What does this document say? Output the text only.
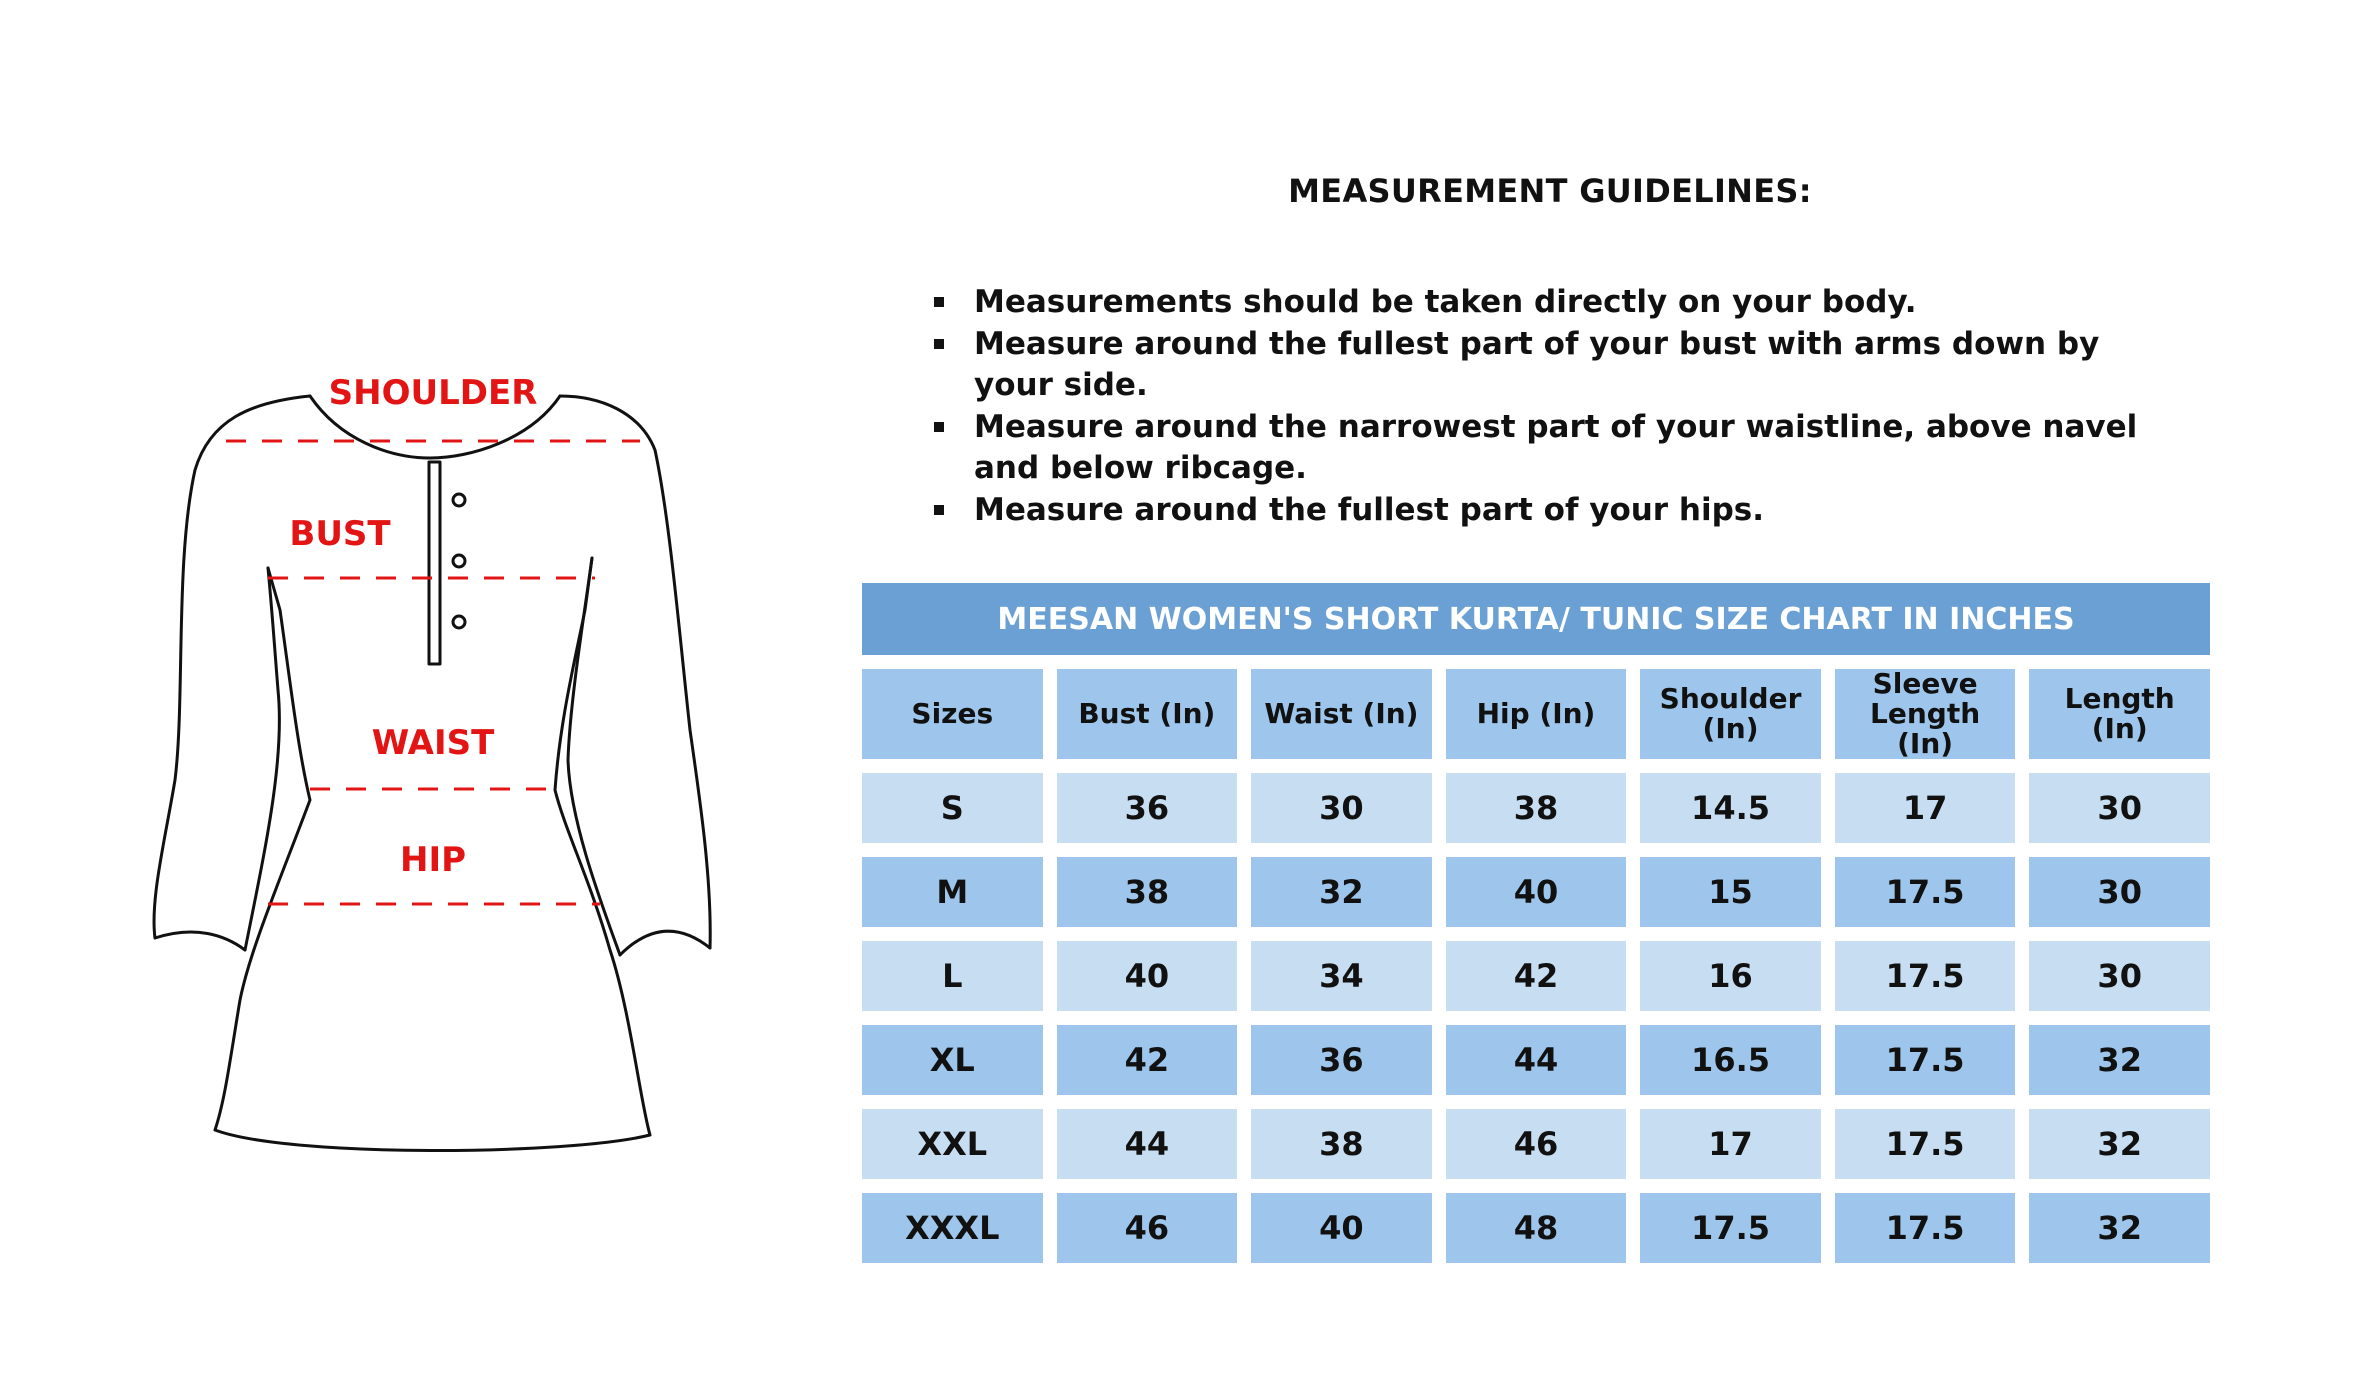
SHOULDER
BUST
WAIST
HIP
MEASUREMENT GUIDELINES:
Measurements should be taken directly on your body.
Measure around the fullest part of your bust with arms down by your side.
Measure around the narrowest part of your waistline, above navel and below ribcage.
Measure around the fullest part of your hips.
MEESAN WOMEN'S SHORT KURTA/ TUNIC SIZE CHART IN INCHES						
Sizes	Bust (In)	Waist (In)	Hip (In)	Shoulder (In)	Sleeve Length (In)	Length (In)
S	36	30	38	14.5	17	30
M	38	32	40	15	17.5	30
L	40	34	42	16	17.5	30
XL	42	36	44	16.5	17.5	32
XXL	44	38	46	17	17.5	32
XXXL	46	40	48	17.5	17.5	32
